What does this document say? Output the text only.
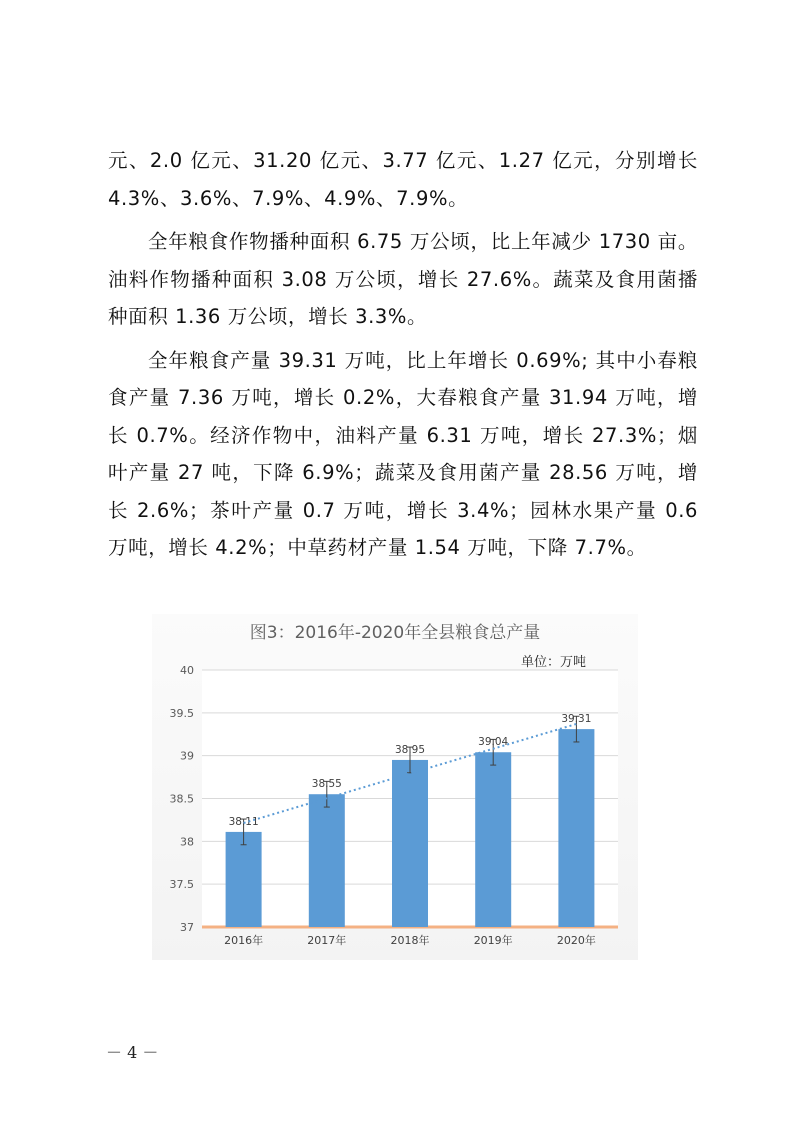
元、2.0 亿元、31.20 亿元、3.77 亿元、1.27 亿元，分别增长 4.3%、3.6%、7.9%、4.9%、7.9%。

全年粮食作物播种面积 6.75 万公顷，比上年减少 1730 亩。油料作物播种面积 3.08 万公顷，增长 27.6%。蔬菜及食用菌播种面积 1.36 万公顷，增长 3.3%。

全年粮食产量 39.31 万吨，比上年增长 0.69%; 其中小春粮食产量 7.36 万吨，增长 0.2%，大春粮食产量 31.94 万吨，增长 0.7%。经济作物中，油料产量 6.31 万吨，增长 27.3%；烟叶产量 27 吨，下降 6.9%；蔬菜及食用菌产量 28.56 万吨，增长 2.6%；茶叶产量 0.7 万吨，增长 3.4%；园林水果产量 0.6 万吨，增长 4.2%；中草药材产量 1.54 万吨，下降 7.7%。

图3：2016年-2020年全县粮食总产量
单位：万吨
37
37.5
38
38.5
39
39.5
40
38.11
2016年
38.55
2017年
38.95
2018年
39.04
2019年
39.31
2020年
－ 4 －
